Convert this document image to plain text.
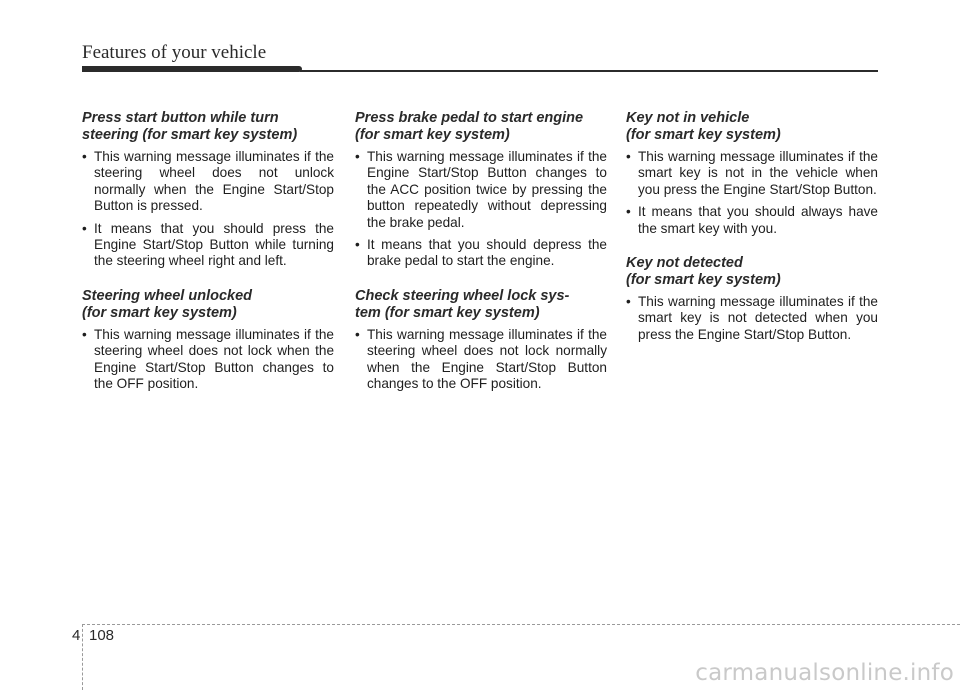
Features of your vehicle
Press start button while turn
steering (for smart key system)
• This warning message illuminates if the steering wheel does not unlock normally when the Engine Start/Stop Button is pressed.
• It means that you should press the Engine Start/Stop Button while turning the steering wheel right and left.
Steering wheel unlocked
(for smart key system)
• This warning message illuminates if the steering wheel does not lock when the Engine Start/Stop Button changes to the OFF position.
Press brake pedal to start engine
(for smart key system)
• This warning message illuminates if the Engine Start/Stop Button changes to the ACC position twice by pressing the button repeatedly without depressing the brake pedal.
• It means that you should depress the brake pedal to start the engine.
Check steering wheel lock sys-
tem (for smart key system)
• This warning message illuminates if the steering wheel does not lock normally when the Engine Start/Stop Button changes to the OFF position.
Key not in vehicle
(for smart key system)
• This warning message illuminates if the smart key is not in the vehicle when you press the Engine Start/Stop Button.
• It means that you should always have the smart key with you.
Key not detected
(for smart key system)
• This warning message illuminates if the smart key is not detected when you press the Engine Start/Stop Button.
4 108
carmanualsonline.info
